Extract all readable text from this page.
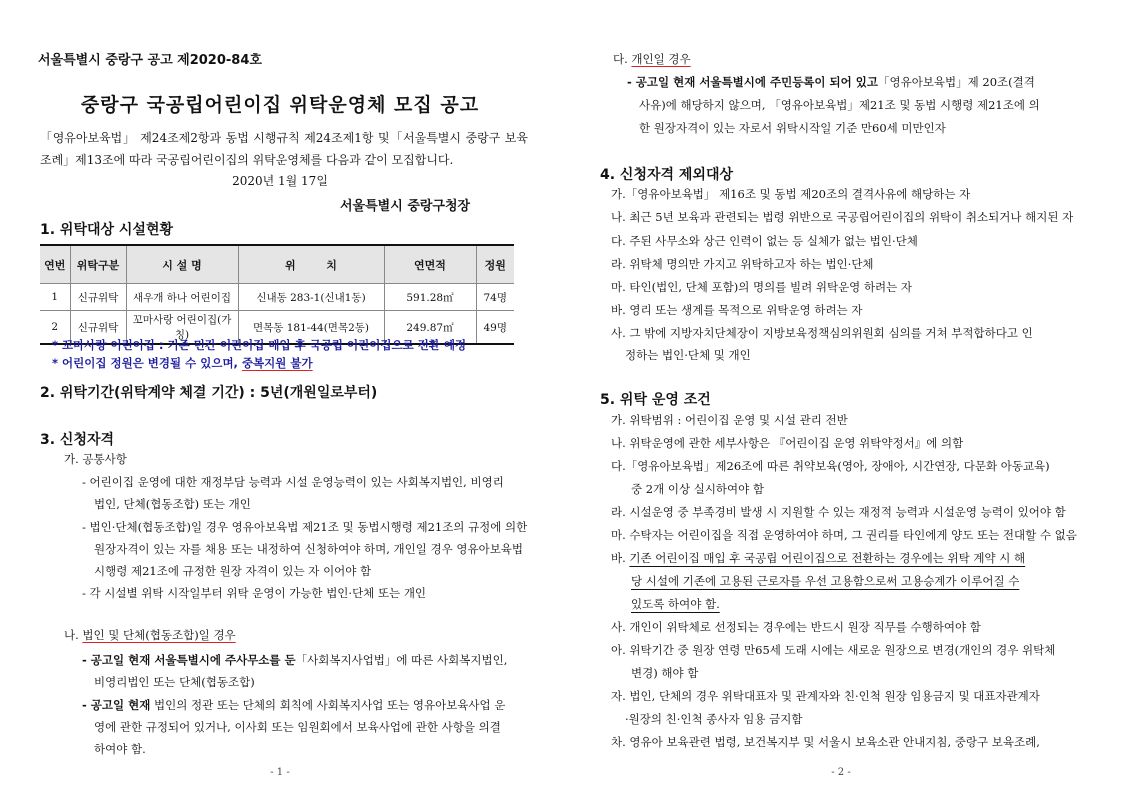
서울특별시 중랑구 공고 제2020-84호
중랑구 국공립어린이집 위탁운영체 모집 공고
「영유아보육법」 제24조제2항과 동법 시행규칙 제24조제1항 및「서울특별시 중랑구 보육조례」제13조에 따라 국공립어린이집의 위탁운영체를 다음과 같이 모집합니다.
2020년 1월 17일
서울특별시 중랑구청장
1. 위탁대상 시설현황
연번	위탁구분	시 설 명	위        치	연면적	정원
1	신규위탁	새우개 하나 어린이집	신내동 283-1(신내1동)	591.28㎡	74명
2	신규위탁	꼬마사랑 어린이집(가칭)	면목동 181-44(면목2동)	249.87㎡	49명
* 꼬마사랑 어린이집 : 기존 민간 어린이집 매입 후 국공립 어린이집으로 전환 예정
* 어린이집 정원은 변경될 수 있으며, 중복지원 불가
2. 위탁기간(위탁계약 체결 기간) : 5년(개원일로부터)
3. 신청자격
가. 공통사항
- 어린이집 운영에 대한 재정부담 능력과 시설 운영능력이 있는 사회복지법인, 비영리
법인, 단체(협동조합) 또는 개인
- 법인·단체(협동조합)일 경우 영유아보육법 제21조 및 동법시행령 제21조의 규정에 의한
원장자격이 있는 자를 채용 또는 내정하여 신청하여야 하며, 개인일 경우 영유아보육법
시행령 제21조에 규정한 원장 자격이 있는 자 이어야 함
- 각 시설별 위탁 시작일부터 위탁 운영이 가능한 법인·단체 또는 개인
나. 법인 및 단체(협동조합)일 경우
- 공고일 현재 서울특별시에 주사무소를 둔「사회복지사업법」에 따른 사회복지법인,
비영리법인 또는 단체(협동조합)
- 공고일 현재 법인의 정관 또는 단체의 회칙에 사회복지사업 또는 영유아보육사업 운
영에 관한 규정되어 있거나, 이사회 또는 임원회에서 보육사업에 관한 사항을 의결
하여야 함.
- 1 -
다. 개인일 경우
- 공고일 현재 서울특별시에 주민등록이 되어 있고「영유아보육법」제 20조(결격
사유)에 해당하지 않으며, 「영유아보육법」제21조 및 동법 시행령 제21조에 의
한 원장자격이 있는 자로서 위탁시작일 기준 만60세 미만인자
4. 신청자격 제외대상
가.「영유아보육법」 제16조 및 동법 제20조의 결격사유에 해당하는 자
나. 최근 5년 보육과 관련되는 법령 위반으로 국공립어린이집의 위탁이 취소되거나 해지된 자
다. 주된 사무소와 상근 인력이 없는 등 실체가 없는 법인·단체
라. 위탁체 명의만 가지고 위탁하고자 하는 법인·단체
마. 타인(법인, 단체 포함)의 명의를 빌려 위탁운영 하려는 자
바. 영리 또는 생계를 목적으로 위탁운영 하려는 자
사. 그 밖에 지방자치단체장이 지방보육정책심의위원회 심의를 거쳐 부적합하다고 인
정하는 법인·단체 및 개인
5. 위탁 운영 조건
가. 위탁범위 : 어린이집 운영 및 시설 관리 전반
나. 위탁운영에 관한 세부사항은 『어린이집 운영 위탁약정서』에 의함
다.「영유아보육법」제26조에 따른 취약보육(영아, 장애아, 시간연장, 다문화 아동교육)
중 2개 이상 실시하여야 함
라. 시설운영 중 부족경비 발생 시 지원할 수 있는 재정적 능력과 시설운영 능력이 있어야 함
마. 수탁자는 어린이집을 직접 운영하여야 하며, 그 권리를 타인에게 양도 또는 전대할 수 없음
바. 기존 어린이집 매입 후 국공립 어린이집으로 전환하는 경우에는 위탁 계약 시 해
당 시설에 기존에 고용된 근로자를 우선 고용함으로써 고용승계가 이루어질 수
있도록 하여야 함.
사. 개인이 위탁체로 선정되는 경우에는 반드시 원장 직무를 수행하여야 함
아. 위탁기간 중 원장 연령 만65세 도래 시에는 새로운 원장으로 변경(개인의 경우 위탁체
변경) 해야 함
자. 법인, 단체의 경우 위탁대표자 및 관계자와 친·인척 원장 임용금지 및 대표자관계자
·원장의 친·인척 종사자 임용 금지함
차. 영유아 보육관련 법령, 보건복지부 및 서울시 보육소관 안내지침, 중랑구 보육조례,
- 2 -
